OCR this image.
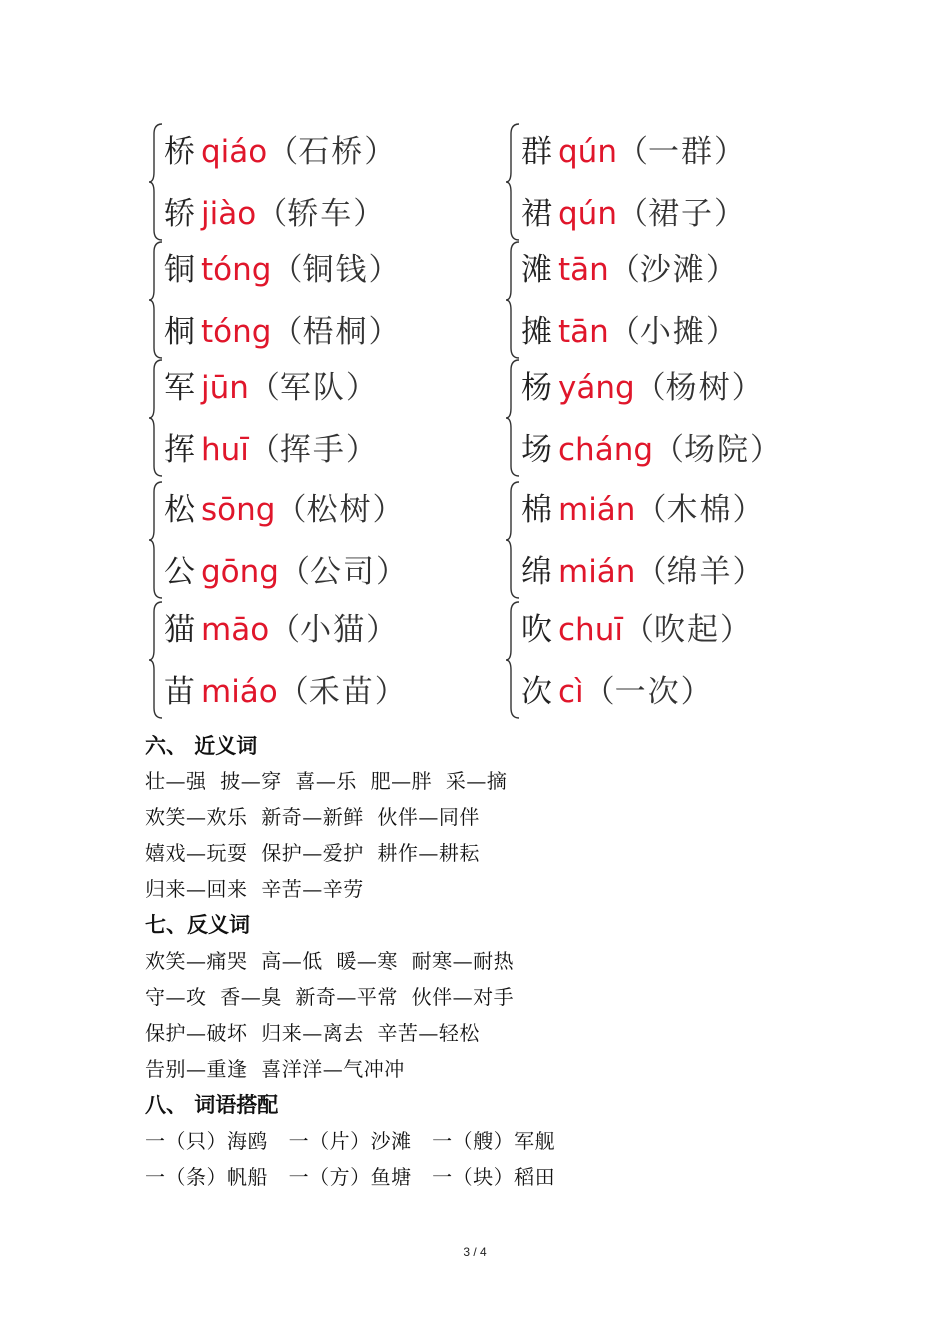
桥 qiáo（石桥）
轿 jiào（轿车）
群 qún（一群）
裙 qún（裙子）
铜 tóng（铜钱）
桐 tóng（梧桐）
滩 tān（沙滩）
摊 tān（小摊）
军 jūn（军队）
挥 huī（挥手）
杨 yáng（杨树）
场 cháng（场院）
松 sōng（松树）
公 gōng（公司）
棉 mián（木棉）
绵 mián（绵羊）
猫 māo（小猫）
苗 miáo（禾苗）
吹 chuī（吹起）
次 cì（一次）
六、 近义词
壮—强  披—穿  喜—乐  肥—胖  采—摘
欢笑—欢乐  新奇—新鲜  伙伴—同伴
嬉戏—玩耍  保护—爱护  耕作—耕耘
归来—回来  辛苦—辛劳
七、反义词
欢笑—痛哭  高—低  暖—寒  耐寒—耐热
守—攻  香—臭  新奇—平常  伙伴—对手
保护—破坏  归来—离去  辛苦—轻松
告别—重逢  喜洋洋—气冲冲
八、 词语搭配
一（只）海鸥   一（片）沙滩   一（艘）军舰
一（条）帆船   一（方）鱼塘   一（块）稻田
3 / 4
